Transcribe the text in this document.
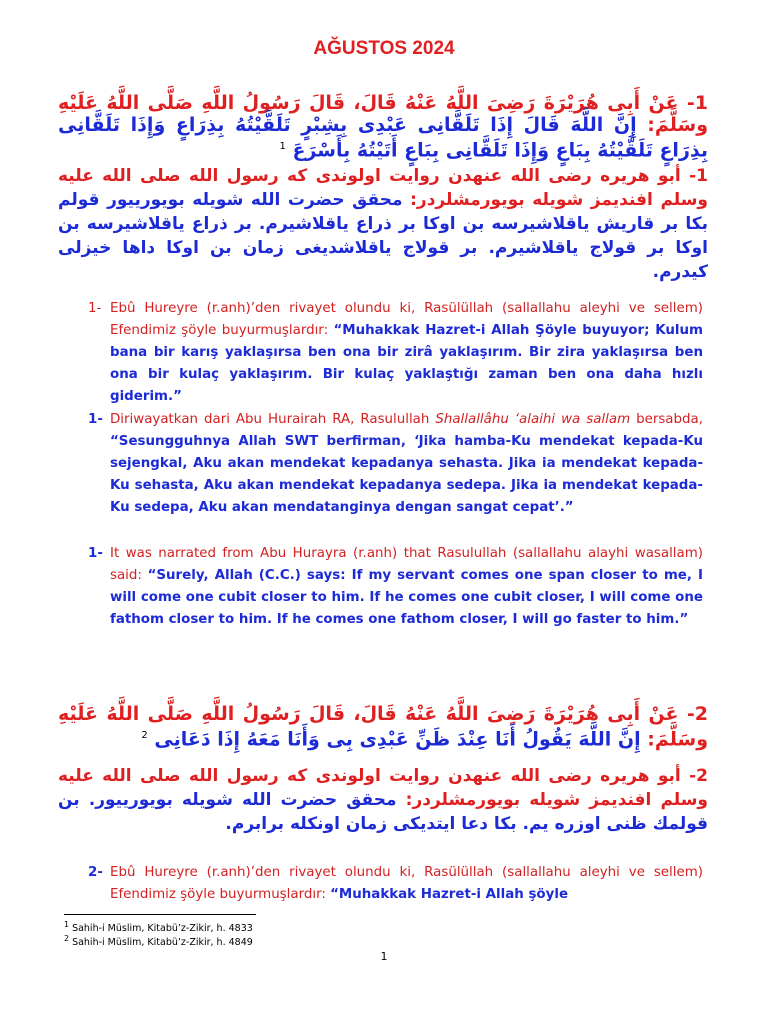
AĞUSTOS 2024
1- عَنْ أَبِى هُرَيْرَةَ رَضِىَ اللَّهُ عَنْهُ قَالَ، قَالَ رَسُولُ اللَّهِ صَلَّى اللَّهُ عَلَيْهِ وسَلَّمَ: إِنَّ اللَّهَ قَالَ إِذَا تَلَقَّانِى عَبْدِى بِشِبْرٍ تَلَقَّيْتُهُ بِذِرَاعٍ وَإِذَا تَلَقَّانِى بِذِرَاعٍ تَلَقَّيْتُهُ بِبَاعٍ وَإِذَا تَلَقَّانِى بِبَاعٍ أَتَيْتُهُ بِأَسْرَعَ $^1$
1- أبو هريره رضى الله عنهدن روايت اولوندى كه رسول الله صلى الله عليه وسلم افنديمز شويله بويورمشلردر: محقق حضرت الله شويله بويورييور قولم بكا بر قاريش ياقلاشيرسه بن اوكا بر ذراع ياقلاشيرم. بر ذراع ياقلاشيرسه بن اوكا بر قولاج ياقلاشيرم. بر قولاج ياقلاشديغى زمان بن اوكا داها خيزلى كيدرم.
1- Ebû Hureyre (r.anh)’den rivayet olundu ki, Rasülüllah (sallallahu aleyhi ve sellem) Efendimiz şöyle buyurmuşlardır: “Muhakkak Hazret-i Allah Şöyle buyuyor; Kulum bana bir karış yaklaşırsa ben ona bir zirâ yaklaşırım. Bir zira yaklaşırsa ben ona bir kulaç yaklaşırım. Bir kulaç yaklaştığı zaman ben ona daha hızlı giderim.”
1- Diriwayatkan dari Abu Hurairah RA, Rasulullah Shallallâhu ‘alaihi wa sallam bersabda, “Sesungguhnya Allah SWT berfirman, ‘Jika hamba-Ku mendekat kepada-Ku sejengkal, Aku akan mendekat kepadanya sehasta. Jika ia mendekat kepada-Ku sehasta, Aku akan mendekat kepadanya sedepa. Jika ia mendekat kepada-Ku sedepa, Aku akan mendatanginya dengan sangat cepat’.”
1- It was narrated from Abu Hurayra (r.anh) that Rasulullah (sallallahu alayhi wasallam) said: “Surely, Allah (C.C.) says: If my servant comes one span closer to me, I will come one cubit closer to him. If he comes one cubit closer, I will come one fathom closer to him. If he comes one fathom closer, I will go faster to him.”
2- عَنْ أَبِى هُرَيْرَةَ رَضِىَ اللَّهُ عَنْهُ قَالَ، قَالَ رَسُولُ اللَّهِ صَلَّى اللَّهُ عَلَيْهِ وسَلَّمَ: إِنَّ اللَّهَ يَقُولُ أَنَا عِنْدَ ظَنِّ عَبْدِى بِى وَأَنَا مَعَهُ إِذَا دَعَانِى $^2$
2- أبو هريره رضى الله عنهدن روايت اولوندى كه رسول الله صلى الله عليه وسلم افنديمز شويله بويورمشلردر: محقق حضرت الله شويله بويورييور. بن قولمك ظنى اوزره يم. بكا دعا ايتديكى زمان اونكله برابرم.
2- Ebû Hureyre (r.anh)’den rivayet olundu ki, Rasülüllah (sallallahu aleyhi ve sellem) Efendimiz şöyle buyurmuşlardır: “Muhakkak Hazret-i Allah şöyle
$^1$ Sahih-i Müslim, Kitabü’z-Zikir, h. 4833
$^2$ Sahih-i Müslim, Kitabü’z-Zikir, h. 4849
1
